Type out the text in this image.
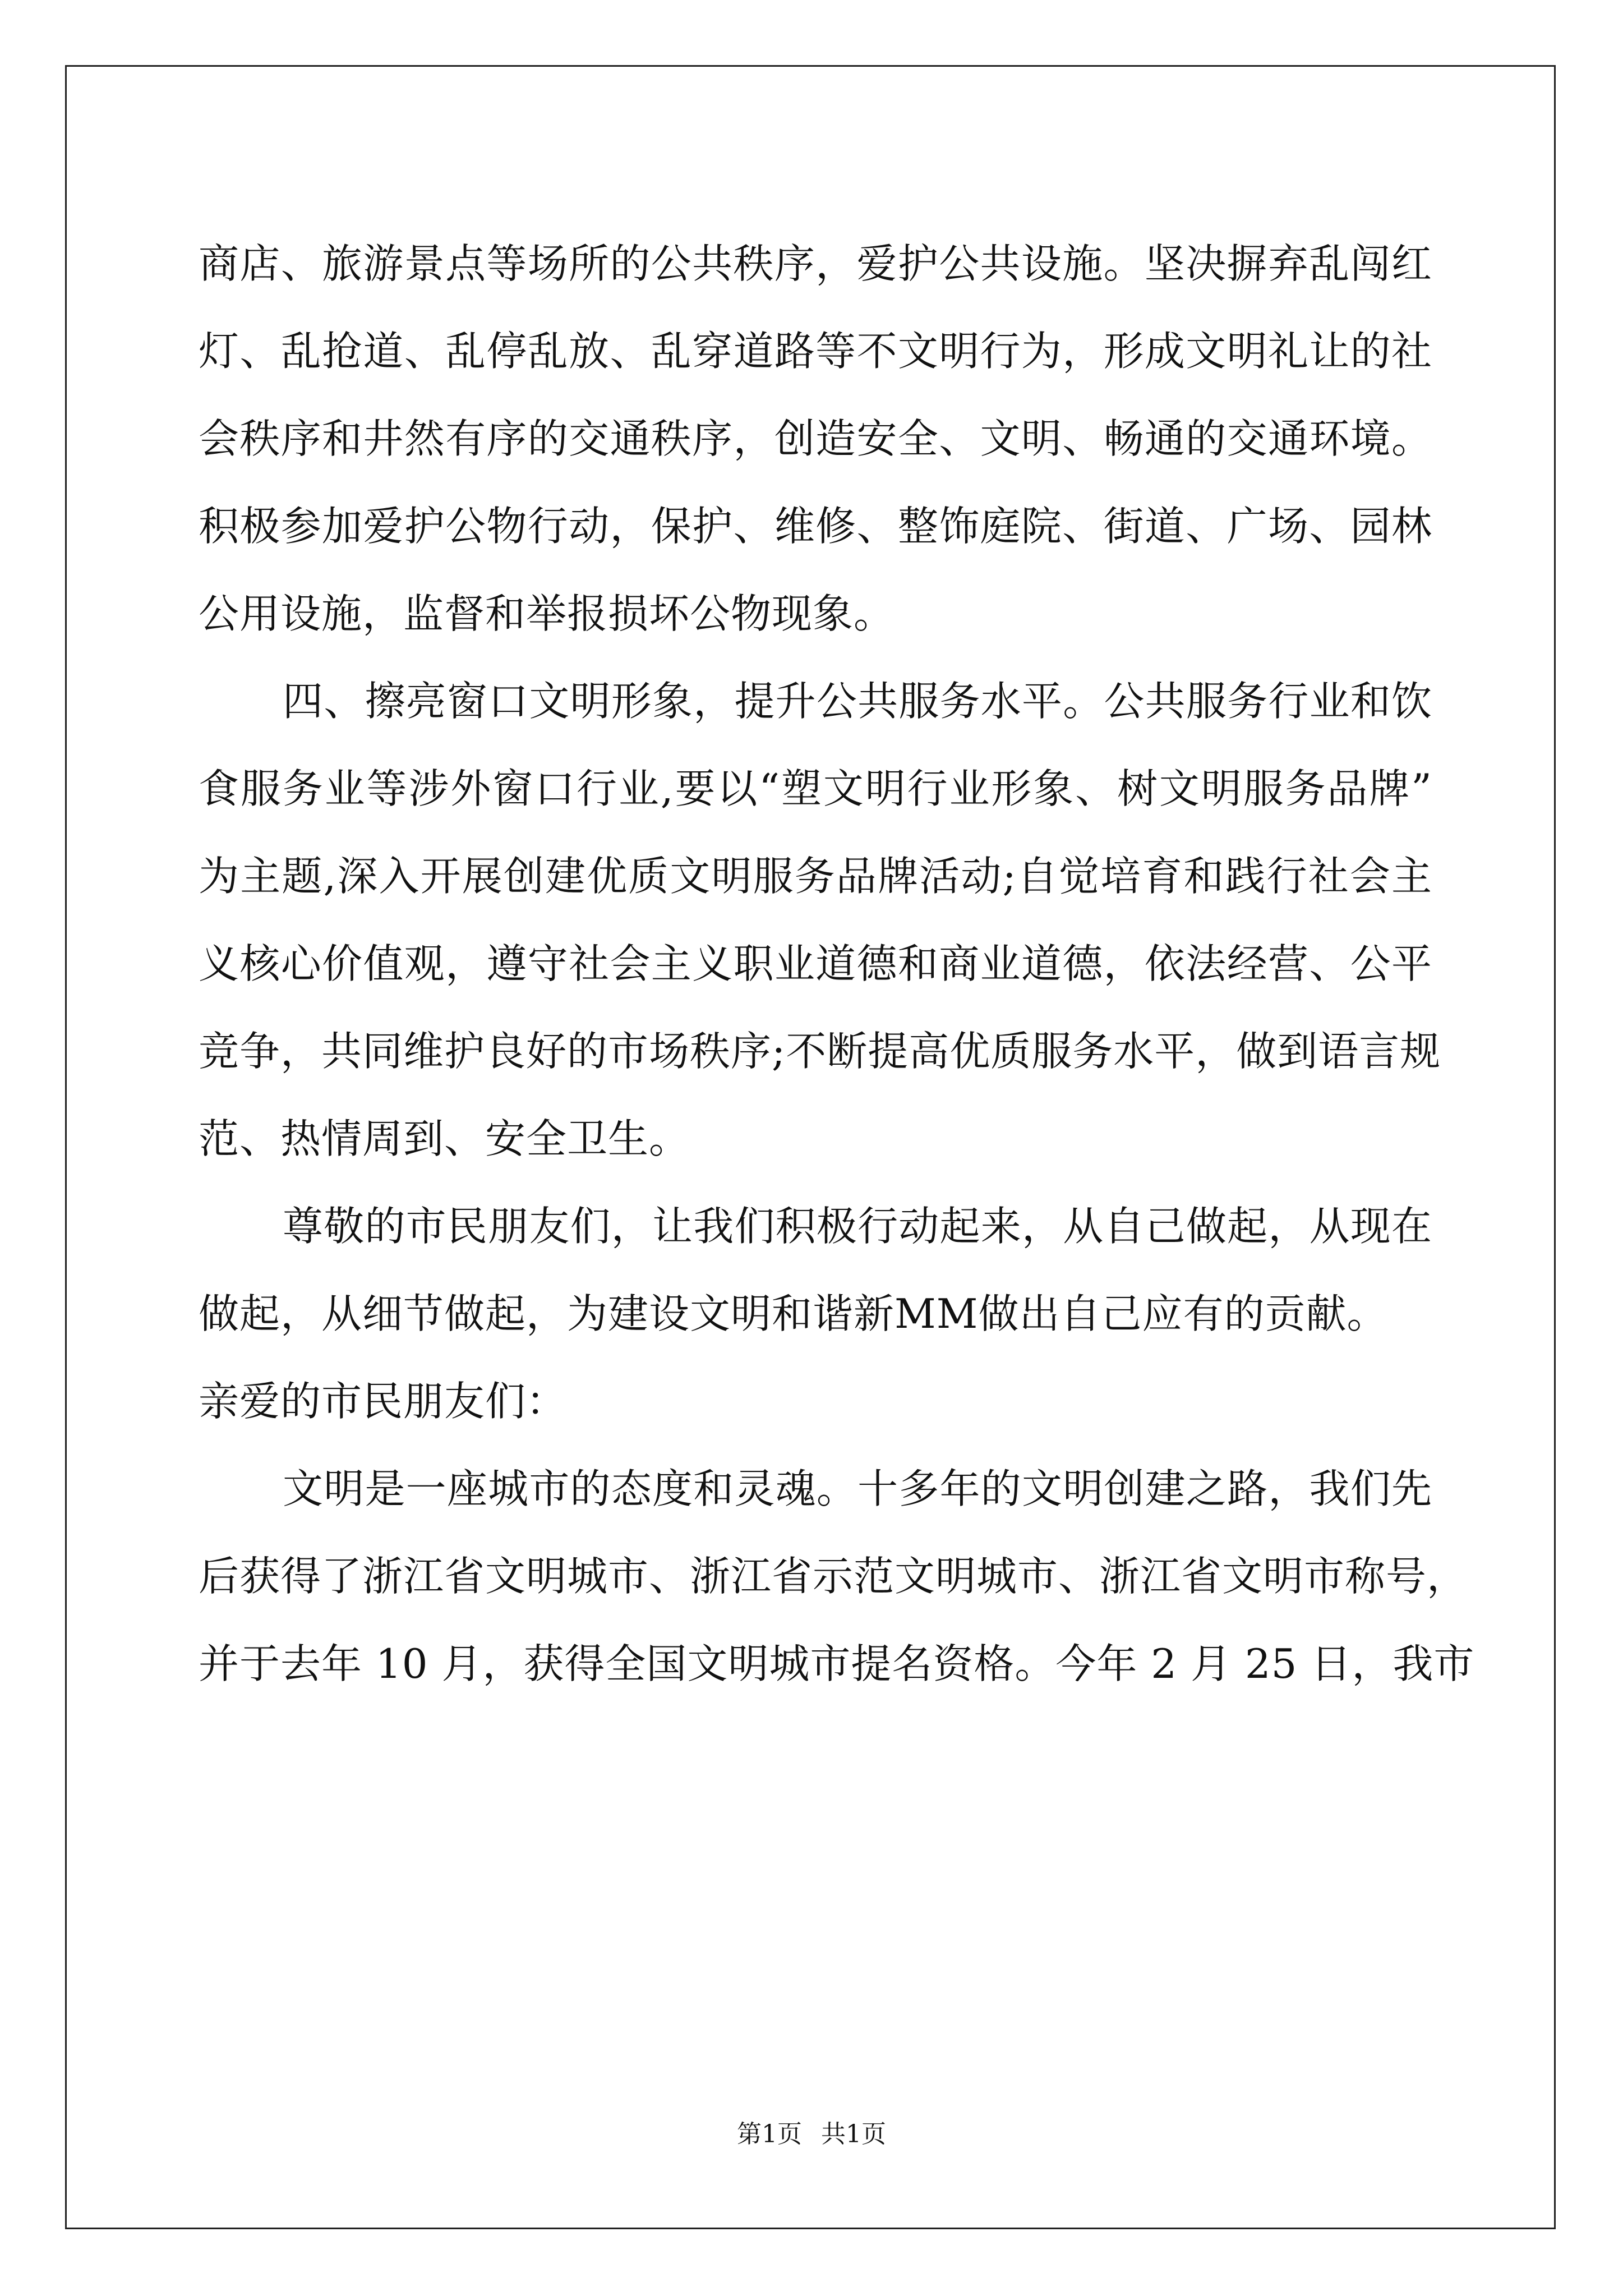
商店、旅游景点等场所的公共秩序，爱护公共设施。坚决摒弃乱闯红
灯、乱抢道、乱停乱放、乱穿道路等不文明行为，形成文明礼让的社
会秩序和井然有序的交通秩序，创造安全、文明、畅通的交通环境。
积极参加爱护公物行动，保护、维修、整饰庭院、街道、广场、园林
公用设施，监督和举报损坏公物现象。
四、擦亮窗口文明形象，提升公共服务水平。公共服务行业和饮
食服务业等涉外窗口行业,要以“塑文明行业形象、树文明服务品牌”
为主题,深入开展创建优质文明服务品牌活动;自觉培育和践行社会主
义核心价值观，遵守社会主义职业道德和商业道德，依法经营、公平
竞争，共同维护良好的市场秩序;不断提高优质服务水平，做到语言规
范、热情周到、安全卫生。
尊敬的市民朋友们，让我们积极行动起来，从自己做起，从现在
做起，从细节做起，为建设文明和谐新MM做出自己应有的贡献。
亲爱的市民朋友们：
文明是一座城市的态度和灵魂。十多年的文明创建之路，我们先
后获得了浙江省文明城市、浙江省示范文明城市、浙江省文明市称号，
并于去年 10 月，获得全国文明城市提名资格。今年 2 月 25 日，我市
第1页 共1页
